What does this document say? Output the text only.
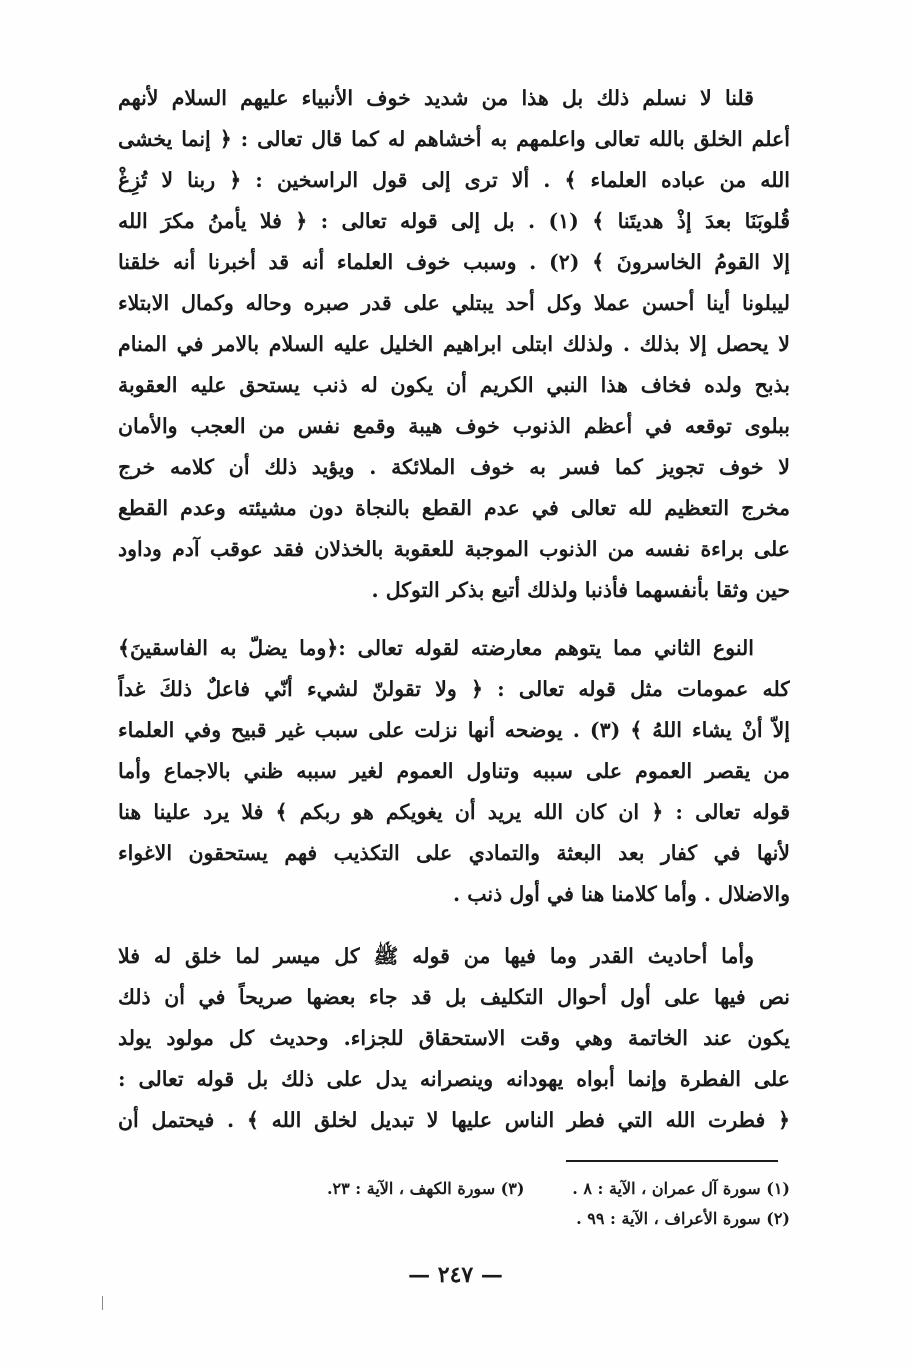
قلنا لا نسلم ذلك بل هذا من شديد خوف الأنبياء عليهم السلام لأنهم
أعلم الخلق بالله تعالى واعلمهم به أخشاهم له كما قال تعالى : ﴿ إنما يخشى
الله من عباده العلماء ﴾ . ألا ترى إلى قول الراسخين : ﴿ ربنا لا تُزِغْ
قُلوبَنَا بعدَ إذْ هديتَنا ﴾ (١) . بل إلى قوله تعالى : ﴿ فلا يأمنُ مكرَ الله
إلا القومُ الخاسرونَ ﴾ (٢) . وسبب خوف العلماء أنه قد أخبرنا أنه خلقنا
ليبلونا أينا أحسن عملا وكل أحد يبتلي على قدر صبره وحاله وكمال الابتلاء
لا يحصل إلا بذلك . ولذلك ابتلى ابراهيم الخليل عليه السلام بالامر في المنام
بذبح ولده فخاف هذا النبي الكريم أن يكون له ذنب يستحق عليه العقوبة
ببلوى توقعه في أعظم الذنوب خوف هيبة وقمع نفس من العجب والأمان
لا خوف تجويز كما فسر به خوف الملائكة . ويؤيد ذلك أن كلامه خرج
مخرج التعظيم لله تعالى في عدم القطع بالنجاة دون مشيئته وعدم القطع
على براءة نفسه من الذنوب الموجبة للعقوبة بالخذلان فقد عوقب آدم وداود
حين وثقا بأنفسهما فأذنبا ولذلك أتبع بذكر التوكل .
النوع الثاني مما يتوهم معارضته لقوله تعالى :﴿وما يضلّ به الفاسقينَ﴾
كله عمومات مثل قوله تعالى : ﴿ ولا تقولنّ لشيء أنّي فاعلٌ ذلكَ غداً
إلاّ أنْ يشاء اللهُ ﴾ (٣) . يوضحه أنها نزلت على سبب غير قبيح وفي العلماء
من يقصر العموم على سببه وتناول العموم لغير سببه ظني بالاجماع وأما
قوله تعالى : ﴿ ان كان الله يريد أن يغويكم هو ربكم ﴾ فلا يرد علينا هنا
لأنها في كفار بعد البعثة والتمادي على التكذيب فهم يستحقون الاغواء
والاضلال . وأما كلامنا هنا في أول ذنب .
وأما أحاديث القدر وما فيها من قوله ﷺ كل ميسر لما خلق له فلا
نص فيها على أول أحوال التكليف بل قد جاء بعضها صريحاً في أن ذلك
يكون عند الخاتمة وهي وقت الاستحقاق للجزاء. وحديث كل مولود يولد
على الفطرة وإنما أبواه يهودانه وينصرانه يدل على ذلك بل قوله تعالى :
﴿ فطرت الله التي فطر الناس عليها لا تبديل لخلق الله ﴾ . فيحتمل أن
(١) سورة آل عمران ، الآية : ٨ . (٣) سورة الكهف ، الآية : ٢٣.
(٢) سورة الأعراف ، الآية : ٩٩ .
— ٢٤٧ —
